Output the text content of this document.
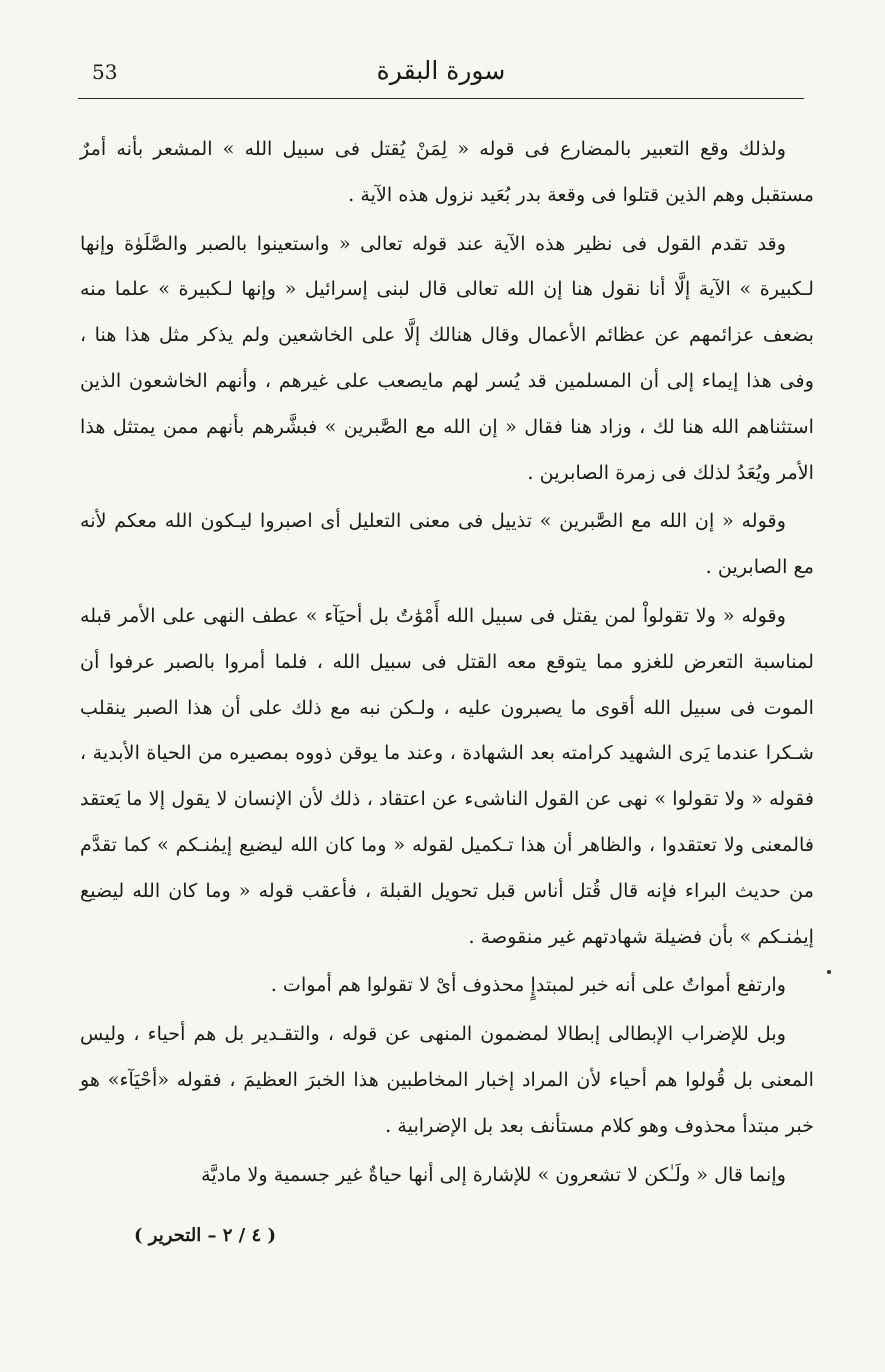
53	سورة البقرة

ولذلك وقع التعبير بالمضارع فى قوله « لِمَنْ يُقتل فى سبيل الله » المشعر بأنه أمرٌ مستقبل وهم الذين قتلوا فى وقعة بدر بُعَيد نزول هذه الآية .

وقد تقدم القول فى نظير هذه الآية عند قوله تعالى « واستعينوا بالصبر والصَّلَوٰة وإنها لـكبيرة » الآية إلَّا أنا نقول هنا إن الله تعالى قال لبنى إسرائيل « وإنها لـكبيرة » علما منه بضعف عزائمهم عن عظائم الأعمال وقال هنالك إلَّا على الخاشعين ولم يذكر مثل هذا هنا ، وفى هذا إيماء إلى أن المسلمين قد يُسر لهم مايصعب على غيرهم ، وأنهم الخاشعون الذين استثناهم الله هنا لك ، وزاد هنا فقال « إن الله مع الصَّٰبرين » فبشَّرهم بأنهم ممن يمتثل هذا الأمر ويُعَدُ لذلك فى زمرة الصابرين .

وقوله « إن الله مع الصَّٰبرين » تذييل فى معنى التعليل أى اصبروا ليـكون الله معكم لأنه مع الصابرين .

وقوله « ولا تقولواْ لمن يقتل فى سبيل الله أَمْوَٰتٌ بل أحيَآء » عطف النهى على الأمر قبله لمناسبة التعرض للغزو مما يتوقع معه القتل فى سبيل الله ، فلما أمروا بالصبر عرفوا أن الموت فى سبيل الله أقوى ما يصبرون عليه ، ولـكن نبه مع ذلك على أن هذا الصبر ينقلب شـكرا عندما يَرى الشهيد كرامته بعد الشهادة ، وعند ما يوقن ذووه بمصيره من الحياة الأبدية ، فقوله « ولا تقولوا » نهى عن القول الناشىء عن اعتقاد ، ذلك لأن الإنسان لا يقول إلا ما يَعتقد فالمعنى ولا تعتقدوا ، والظاهر أن هذا تـكميل لقوله « وما كان الله ليضيع إيمٰنـكم » كما تقدَّم من حديث البراء فإنه قال قُتل أناس قبل تحويل القبلة ، فأعقب قوله « وما كان الله ليضيع إيمٰنـكم » بأن فضيلة شهادتهم غير منقوصة .

وارتفع أمواتٌ على أنه خبر لمبتدإٍ محذوف أىْ لا تقولوا هم أموات .

وبل للإضراب الإبطالى إبطالا لمضمون المنهى عن قوله ، والتقـدير بل هم أحياء ، وليس المعنى بل قُولوا هم أحياء لأن المراد إخبار المخاطبين هذا الخبرَ العظيمَ ، فقوله «أحْيَآء» هو خبر مبتدأ محذوف وهو كلام مستأنف بعد بل الإضرابية .

وإنما قال « ولَـٰكن لا تشعرون » للإشارة إلى أنها حياةٌ غير جسمية ولا ماديَّة

( ٤ / ٢ – التحرير )
